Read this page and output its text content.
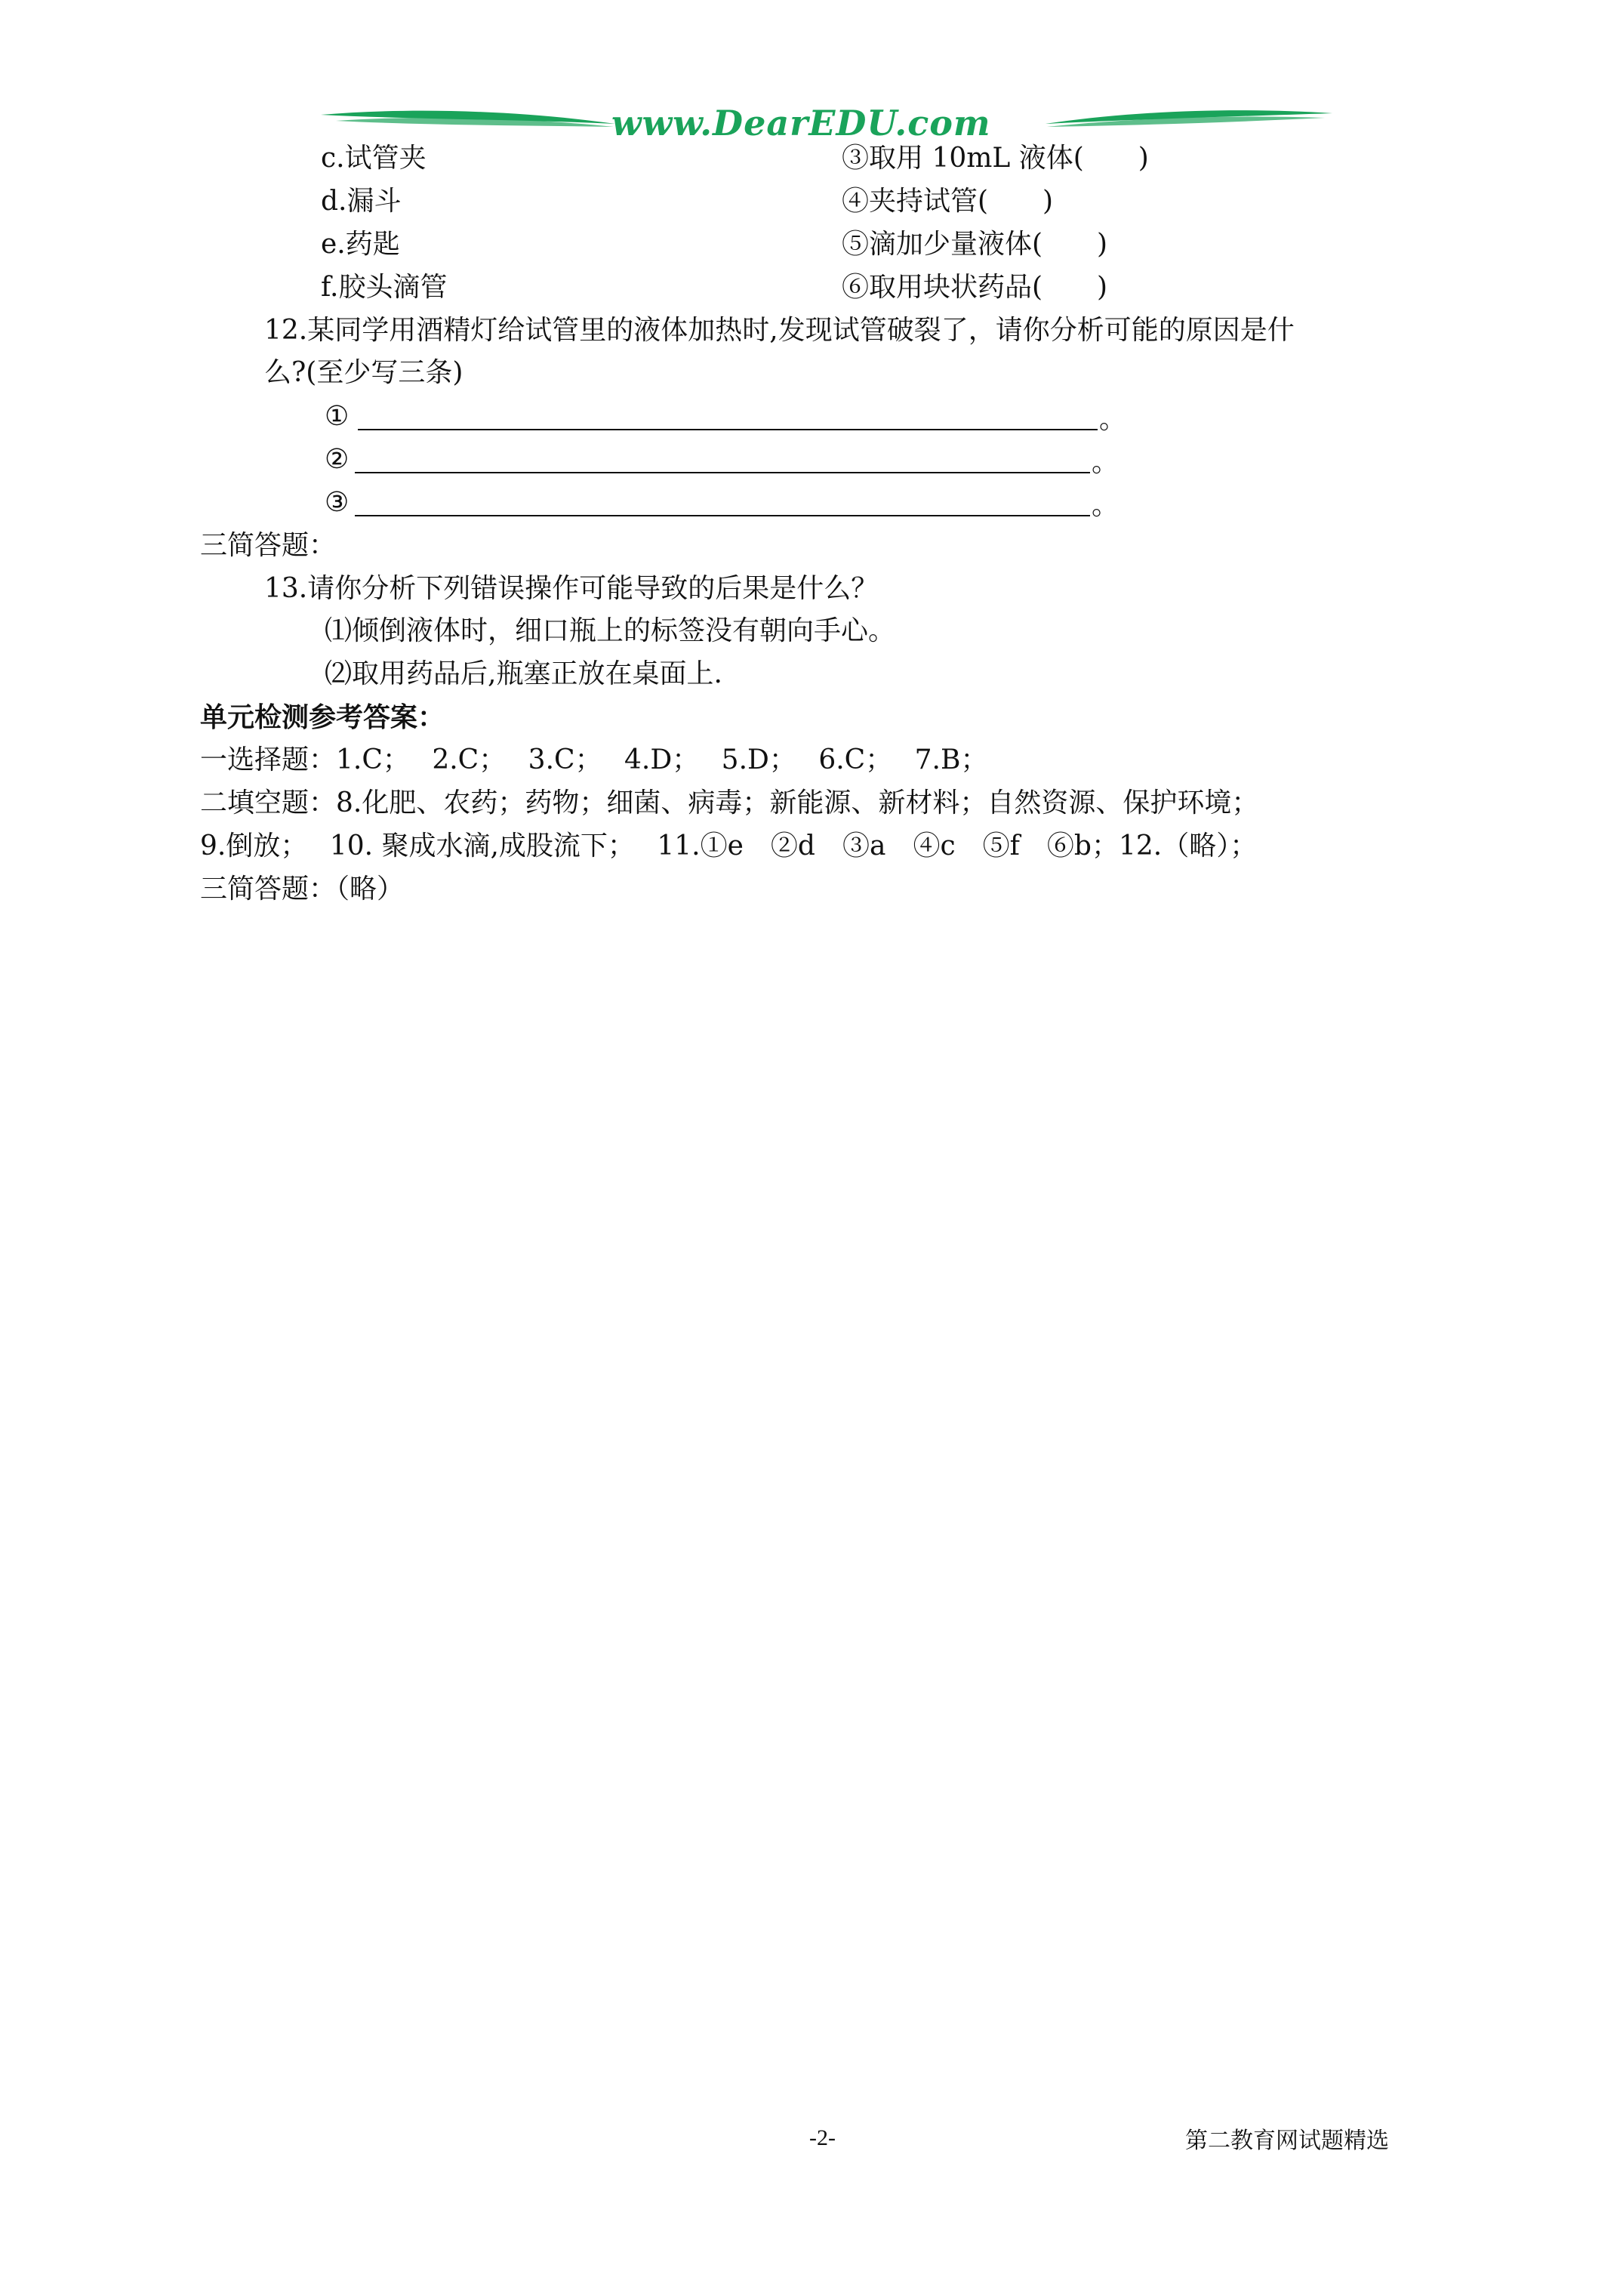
www.DearEDU.com
c.试管夹	③取用 10mL 液体(　　)
d.漏斗	④夹持试管(　　)
e.药匙	⑤滴加少量液体(　　)
f.胶头滴管	⑥取用块状药品(　　)
12.某同学用酒精灯给试管里的液体加热时,发现试管破裂了，请你分析可能的原因是什
么?(至少写三条)
①	。
②	。
③	。
三简答题：
13.请你分析下列错误操作可能导致的后果是什么？
⑴倾倒液体时，细口瓶上的标签没有朝向手心。
⑵取用药品后,瓶塞正放在桌面上.
单元检测参考答案：
一选择题：1.C；　 2.C；　 3.C；　 4.D；　 5.D；　 6.C；　 7.B；
二填空题：8.化肥、农药；药物；细菌、病毒；新能源、新材料；自然资源、保护环境；
9.倒放；　 10. 聚成水滴,成股流下；　 11.①e　②d　③a　④c　⑤f　⑥b；12.（略）；
三简答题：（略）
-2-	第二教育网试题精选
